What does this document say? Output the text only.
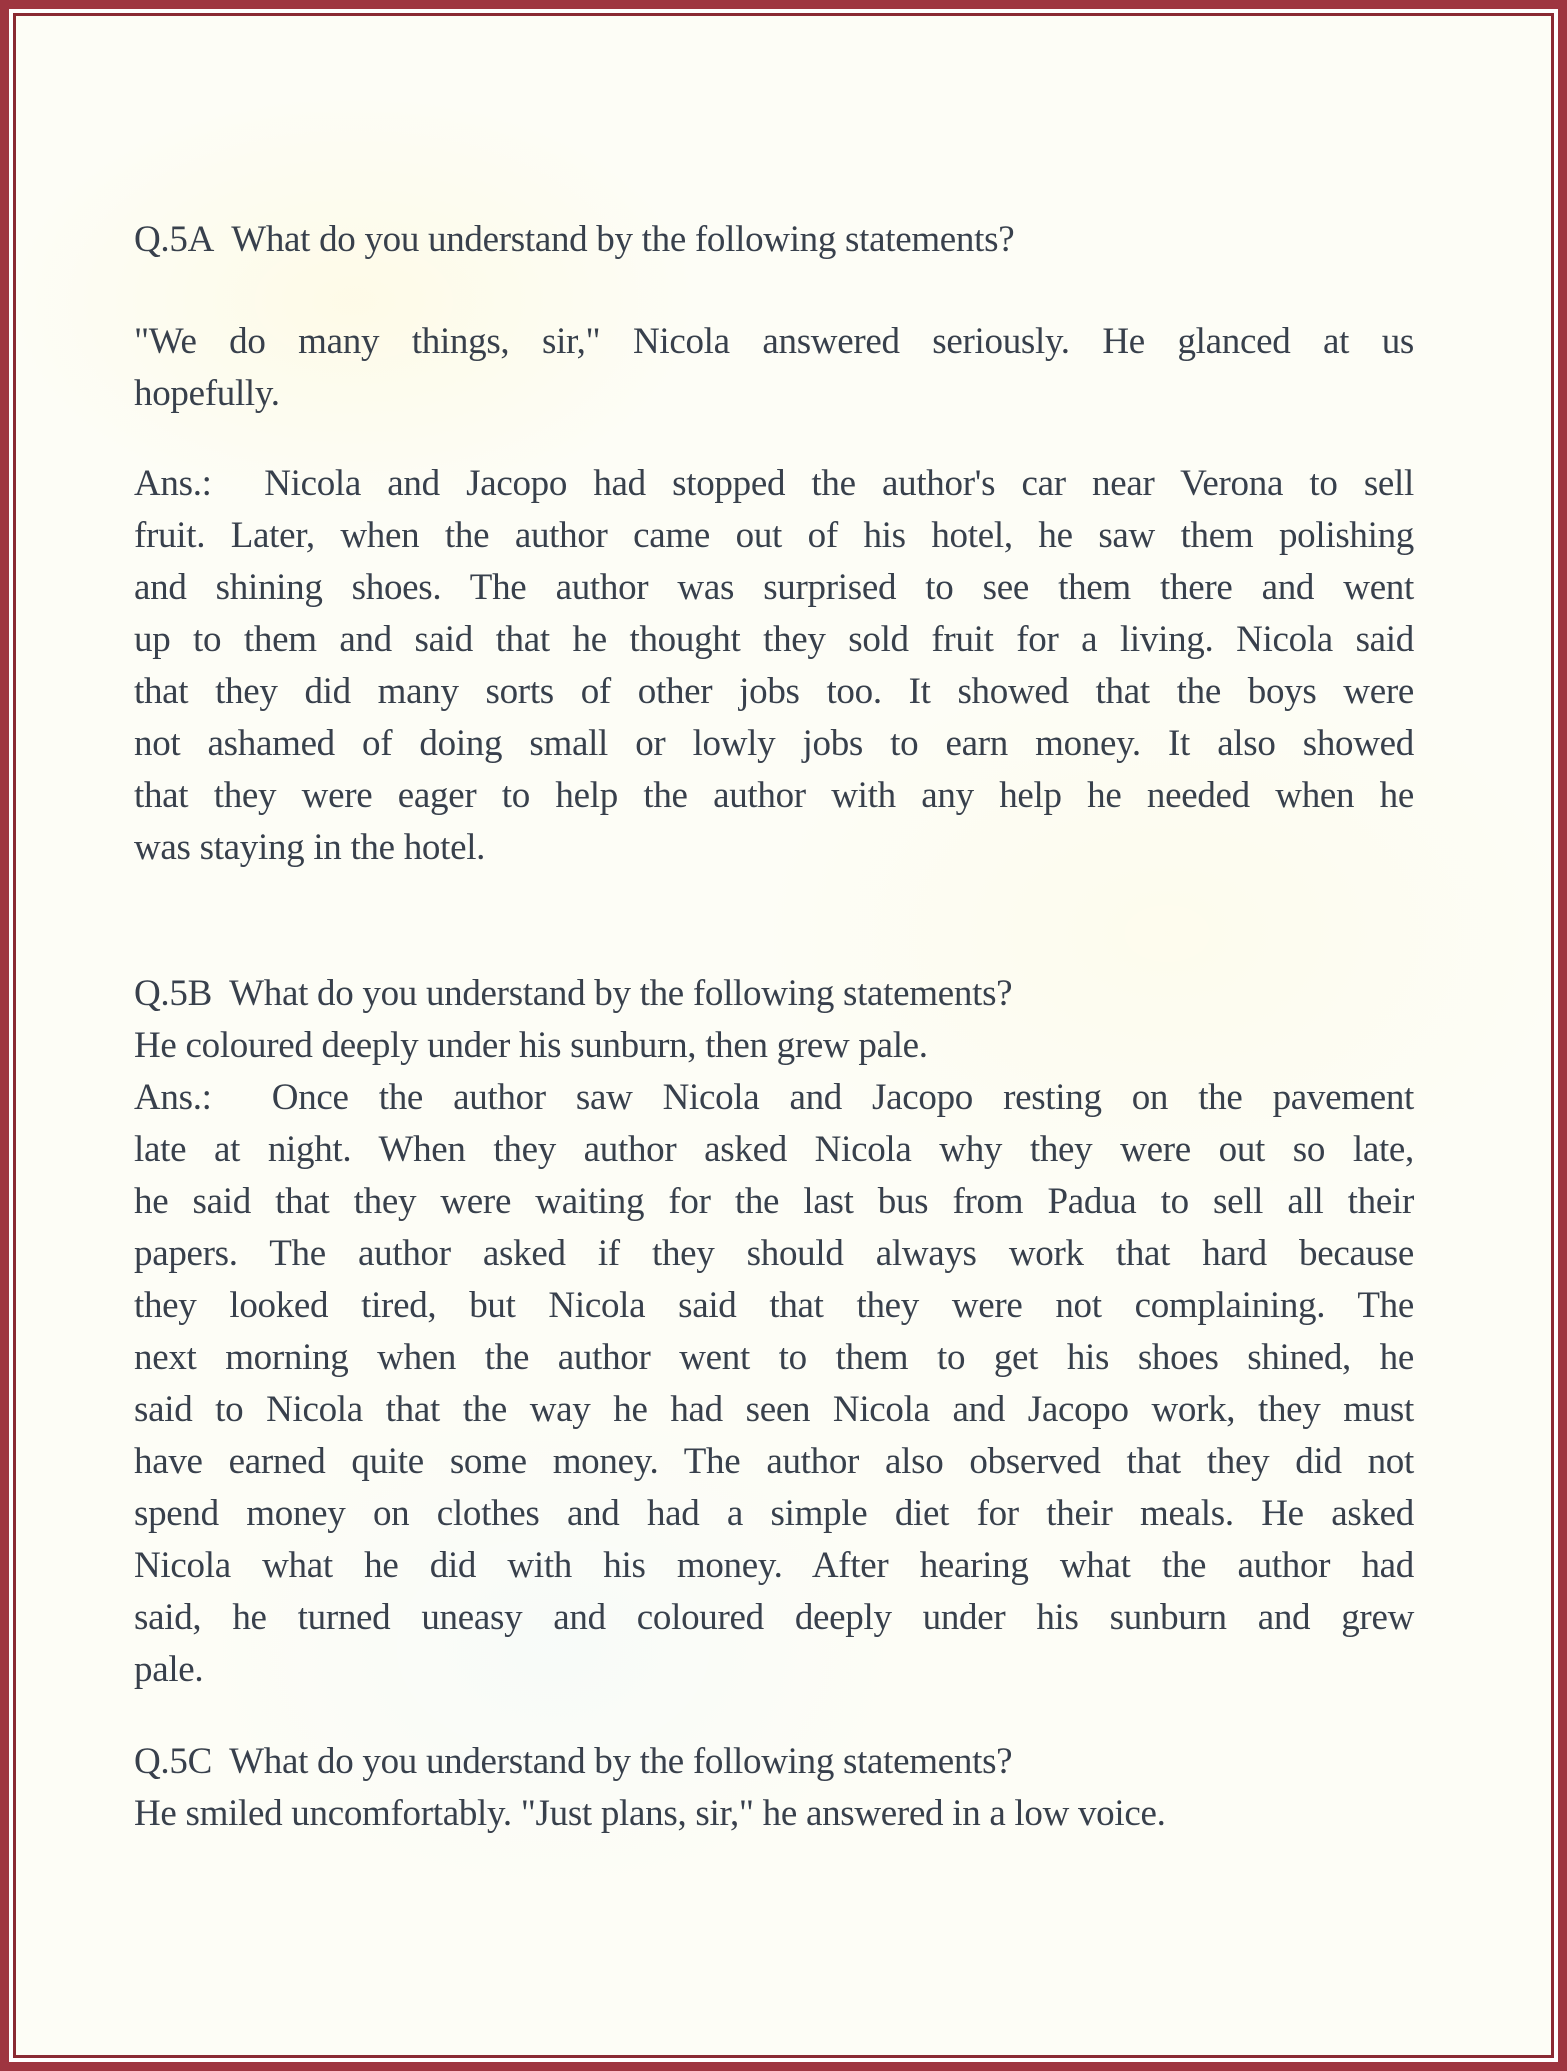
Q.5A  What do you understand by the following statements?
"We do many things, sir," Nicola answered seriously. He glanced at us
hopefully.
Ans.:  Nicola and Jacopo had stopped the author's car near Verona to sell
fruit. Later, when the author came out of his hotel, he saw them polishing
and shining shoes. The author was surprised to see them there and went
up to them and said that he thought they sold fruit for a living. Nicola said
that they did many sorts of other jobs too. It showed that the boys were
not ashamed of doing small or lowly jobs to earn money. It also showed
that they were eager to help the author with any help he needed when he
was staying in the hotel.
Q.5B  What do you understand by the following statements?
He coloured deeply under his sunburn, then grew pale.
Ans.:  Once the author saw Nicola and Jacopo resting on the pavement
late at night. When they author asked Nicola why they were out so late,
he said that they were waiting for the last bus from Padua to sell all their
papers. The author asked if they should always work that hard because
they looked tired, but Nicola said that they were not complaining. The
next morning when the author went to them to get his shoes shined, he
said to Nicola that the way he had seen Nicola and Jacopo work, they must
have earned quite some money. The author also observed that they did not
spend money on clothes and had a simple diet for their meals. He asked
Nicola what he did with his money. After hearing what the author had
said, he turned uneasy and coloured deeply under his sunburn and grew
pale.
Q.5C  What do you understand by the following statements?
He smiled uncomfortably. "Just plans, sir," he answered in a low voice.
